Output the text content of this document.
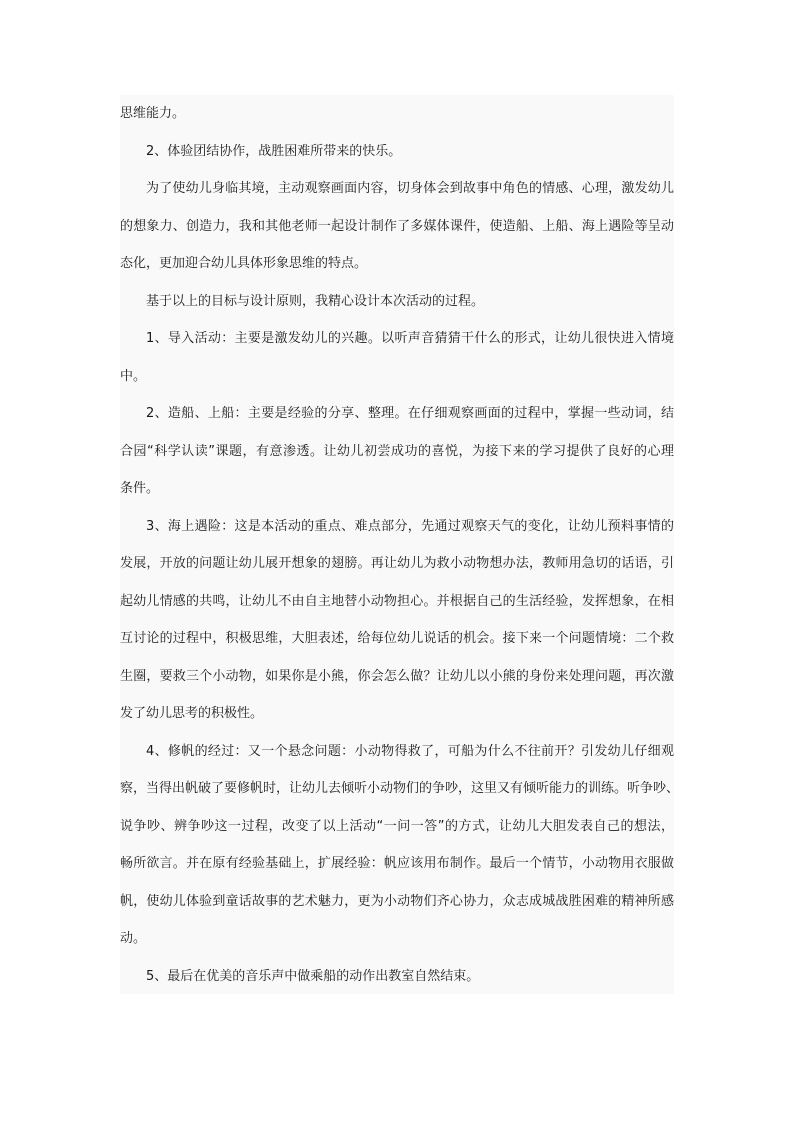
思维能力。
2、体验团结协作，战胜困难所带来的快乐。
为了使幼儿身临其境，主动观察画面内容，切身体会到故事中角色的情感、心理，激发幼儿
的想象力、创造力，我和其他老师一起设计制作了多媒体课件，使造船、上船、海上遇险等呈动
态化，更加迎合幼儿具体形象思维的特点。
基于以上的目标与设计原则，我精心设计本次活动的过程。
1、导入活动：主要是激发幼儿的兴趣。以听声音猜猜干什么的形式，让幼儿很快进入情境
中。
2、造船、上船：主要是经验的分享、整理。在仔细观察画面的过程中，掌握一些动词，结
合园“科学认读”课题，有意渗透。让幼儿初尝成功的喜悦，为接下来的学习提供了良好的心理
条件。
3、海上遇险：这是本活动的重点、难点部分，先通过观察天气的变化，让幼儿预料事情的
发展，开放的问题让幼儿展开想象的翅膀。再让幼儿为救小动物想办法，教师用急切的话语，引
起幼儿情感的共鸣，让幼儿不由自主地替小动物担心。并根据自己的生活经验，发挥想象，在相
互讨论的过程中，积极思维，大胆表述，给每位幼儿说话的机会。接下来一个问题情境：二个救
生圈，要救三个小动物，如果你是小熊，你会怎么做？让幼儿以小熊的身份来处理问题，再次激
发了幼儿思考的积极性。
4、修帆的经过：又一个悬念问题：小动物得救了，可船为什么不往前开？引发幼儿仔细观
察，当得出帆破了要修帆时，让幼儿去倾听小动物们的争吵，这里又有倾听能力的训练。听争吵、
说争吵、辨争吵这一过程，改变了以上活动“一问一答”的方式，让幼儿大胆发表自己的想法，
畅所欲言。并在原有经验基础上，扩展经验：帆应该用布制作。最后一个情节，小动物用衣服做
帆，使幼儿体验到童话故事的艺术魅力，更为小动物们齐心协力，众志成城战胜困难的精神所感
动。
5、最后在优美的音乐声中做乘船的动作出教室自然结束。
